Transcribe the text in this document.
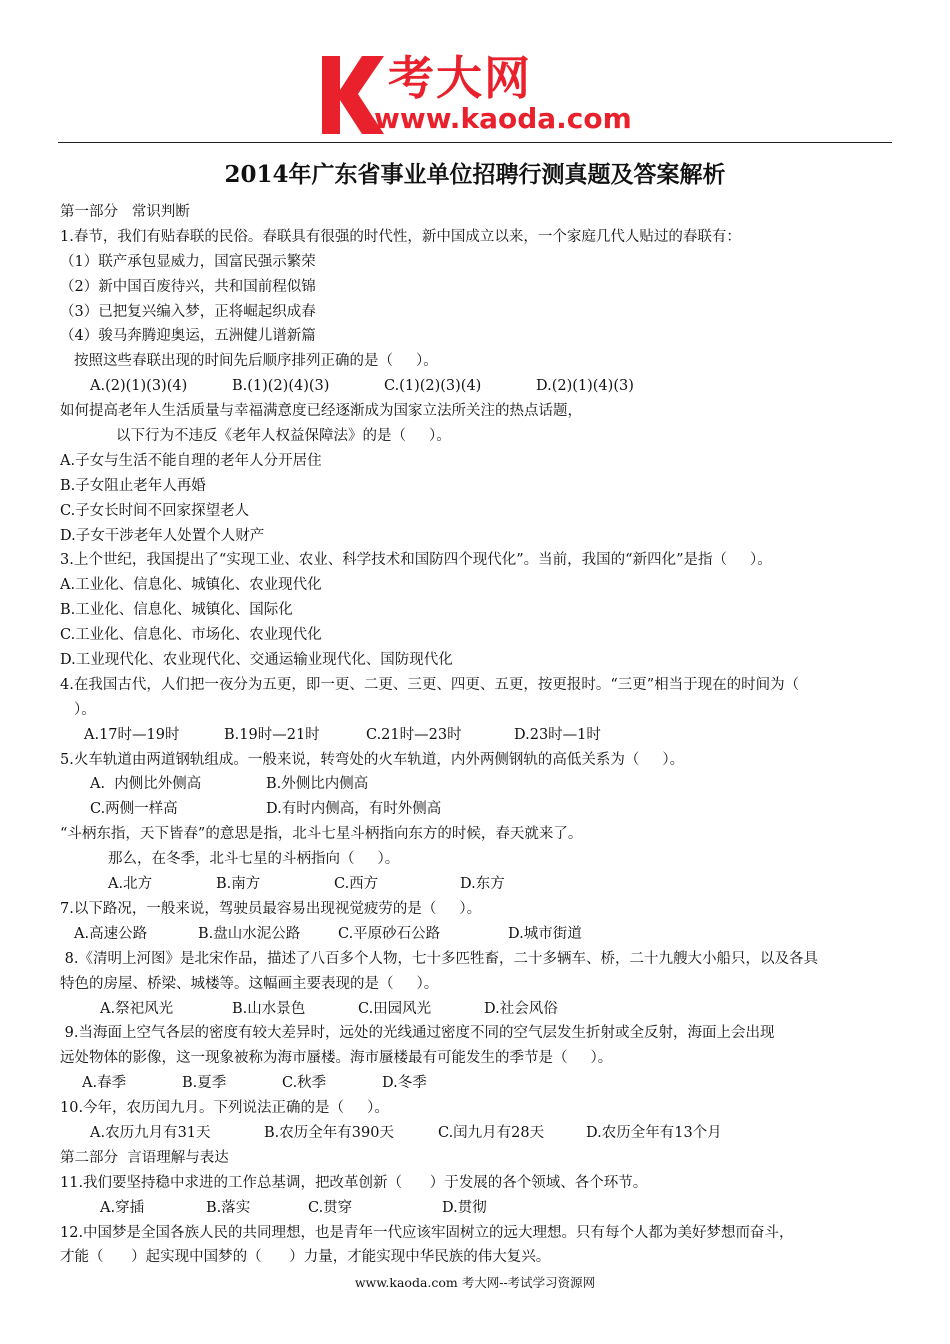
考大网
www.kaoda.com
2014年广东省事业单位招聘行测真题及答案解析
第一部分   常识判断
1.春节，我们有贴春联的民俗。春联具有很强的时代性，新中国成立以来，一个家庭几代人贴过的春联有：
（1）联产承包显威力，国富民强示繁荣
（2）新中国百废待兴，共和国前程似锦
（3）已把复兴编入梦，正将崛起织成春
（4）骏马奔腾迎奥运，五洲健儿谱新篇
按照这些春联出现的时间先后顺序排列正确的是（     ）。
A.(2)(1)(3)(4)	B.(1)(2)(4)(3)	C.(1)(2)(3)(4)	D.(2)(1)(4)(3)
如何提高老年人生活质量与幸福满意度已经逐渐成为国家立法所关注的热点话题，
以下行为不违反《老年人权益保障法》的是（     ）。
A.子女与生活不能自理的老年人分开居住
B.子女阻止老年人再婚
C.子女长时间不回家探望老人
D.子女干涉老年人处置个人财产
3.上个世纪，我国提出了“实现工业、农业、科学技术和国防四个现代化”。当前，我国的“新四化”是指（     ）。
A.工业化、信息化、城镇化、农业现代化
B.工业化、信息化、城镇化、国际化
C.工业化、信息化、市场化、农业现代化
D.工业现代化、农业现代化、交通运输业现代化、国防现代化
4.在我国古代，人们把一夜分为五更，即一更、二更、三更、四更、五更，按更报时。“三更”相当于现在的时间为（
）。
A.17时—19时	B.19时—21时	C.21时—23时	D.23时—1时
5.火车轨道由两道钢轨组成。一般来说，转弯处的火车轨道，内外两侧钢轨的高低关系为（     ）。
A.  内侧比外侧高	B.外侧比内侧高
C.两侧一样高	D.有时内侧高，有时外侧高
“斗柄东指，天下皆春”的意思是指，北斗七星斗柄指向东方的时候，春天就来了。
那么，在冬季，北斗七星的斗柄指向（     ）。
A.北方	B.南方	C.西方	D.东方
7.以下路况，一般来说，驾驶员最容易出现视觉疲劳的是（     ）。
A.高速公路	B.盘山水泥公路	C.平原砂石公路	D.城市街道
8.《清明上河图》是北宋作品，描述了八百多个人物，七十多匹牲畜，二十多辆车、桥，二十九艘大小船只，以及各具
特色的房屋、桥梁、城楼等。这幅画主要表现的是（     ）。
A.祭祀风光	B.山水景色	C.田园风光	D.社会风俗
9.当海面上空气各层的密度有较大差异时，远处的光线通过密度不同的空气层发生折射或全反射，海面上会出现
远处物体的影像，这一现象被称为海市蜃楼。海市蜃楼最有可能发生的季节是（     ）。
A.春季	B.夏季	C.秋季	D.冬季
10.今年，农历闰九月。下列说法正确的是（     ）。
A.农历九月有31天	B.农历全年有390天	C.闰九月有28天	D.农历全年有13个月
第二部分  言语理解与表达
11.我们要坚持稳中求进的工作总基调，把改革创新（      ）于发展的各个领域、各个环节。
A.穿插	B.落实	C.贯穿	D.贯彻
12.中国梦是全国各族人民的共同理想，也是青年一代应该牢固树立的远大理想。只有每个人都为美好梦想而奋斗，
才能（      ）起实现中国梦的（      ）力量，才能实现中华民族的伟大复兴。
www.kaoda.com 考大网--考试学习资源网
